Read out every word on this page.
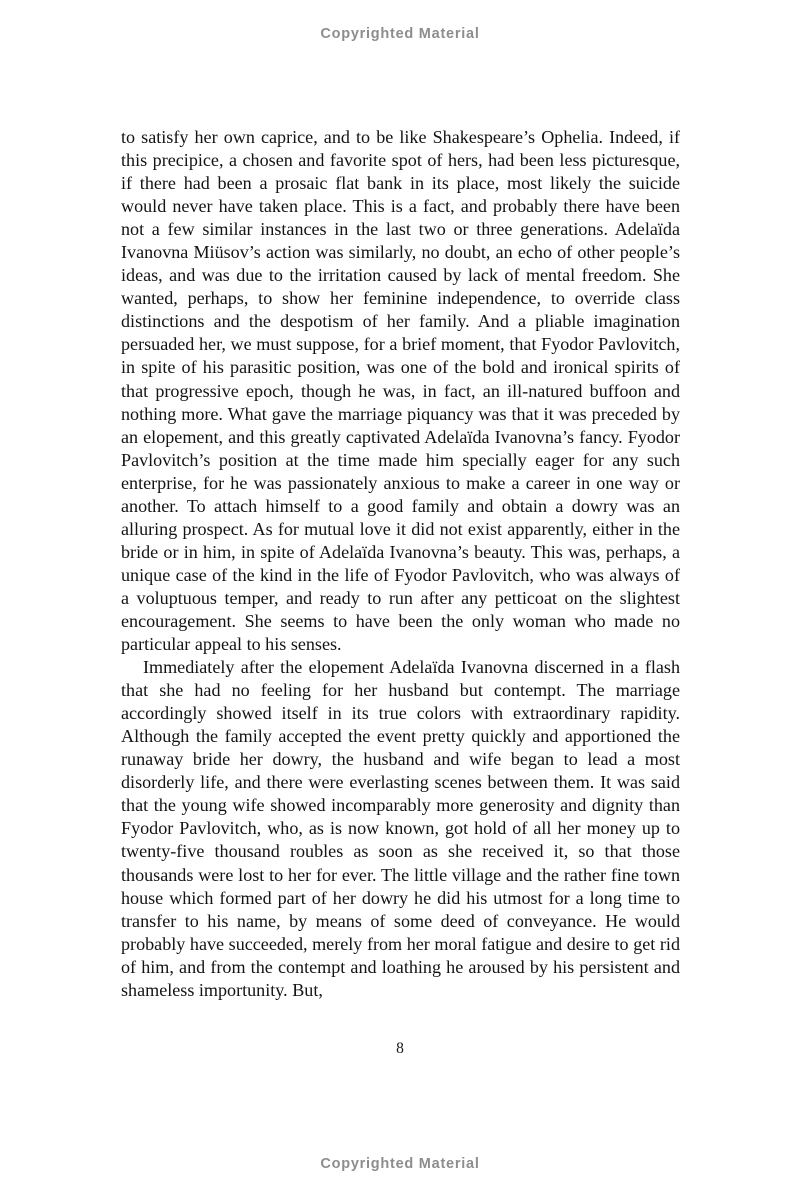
Copyrighted Material

to satisfy her own caprice, and to be like Shakespeare’s Ophelia. Indeed, if this precipice, a chosen and favorite spot of hers, had been less picturesque, if there had been a prosaic flat bank in its place, most likely the suicide would never have taken place. This is a fact, and probably there have been not a few similar instances in the last two or three generations. Adelaïda Ivanovna Miüsov’s action was similarly, no doubt, an echo of other people’s ideas, and was due to the irritation caused by lack of mental freedom. She wanted, perhaps, to show her feminine independence, to override class distinctions and the despotism of her family. And a pliable imagination persuaded her, we must suppose, for a brief moment, that Fyodor Pavlovitch, in spite of his parasitic position, was one of the bold and ironical spirits of that progressive epoch, though he was, in fact, an ill-natured buffoon and nothing more. What gave the marriage piquancy was that it was preceded by an elopement, and this greatly captivated Adelaïda Ivanovna’s fancy. Fyodor Pavlovitch’s position at the time made him specially eager for any such enterprise, for he was passionately anxious to make a career in one way or another. To attach himself to a good family and obtain a dowry was an alluring prospect. As for mutual love it did not exist apparently, either in the bride or in him, in spite of Adelaïda Ivanovna’s beauty. This was, perhaps, a unique case of the kind in the life of Fyodor Pavlovitch, who was always of a voluptuous temper, and ready to run after any petticoat on the slightest encouragement. She seems to have been the only woman who made no particular appeal to his senses.

Immediately after the elopement Adelaïda Ivanovna discerned in a flash that she had no feeling for her husband but contempt. The marriage accordingly showed itself in its true colors with extraordinary rapidity. Although the family accepted the event pretty quickly and apportioned the runaway bride her dowry, the husband and wife began to lead a most disorderly life, and there were everlasting scenes between them. It was said that the young wife showed incomparably more generosity and dignity than Fyodor Pavlovitch, who, as is now known, got hold of all her money up to twenty-five thousand roubles as soon as she received it, so that those thousands were lost to her for ever. The little village and the rather fine town house which formed part of her dowry he did his utmost for a long time to transfer to his name, by means of some deed of conveyance. He would probably have succeeded, merely from her moral fatigue and desire to get rid of him, and from the contempt and loathing he aroused by his persistent and shameless importunity. But,

8
Copyrighted Material
